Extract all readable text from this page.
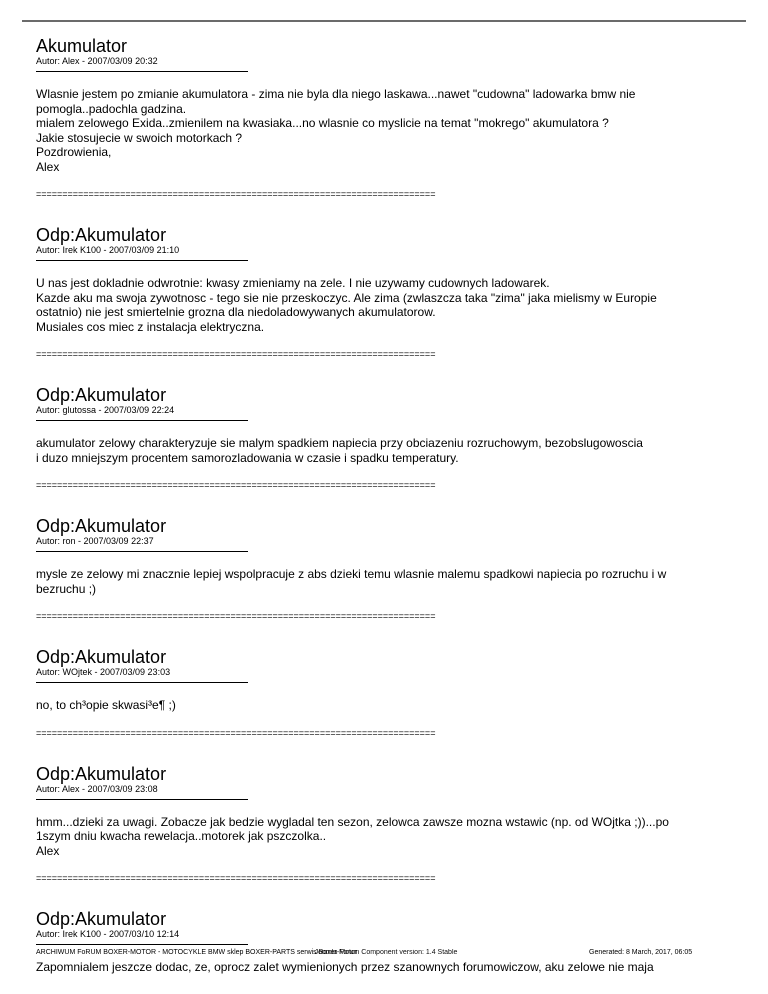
Akumulator
Autor: Alex - 2007/03/09 20:32
Wlasnie jestem po zmianie akumulatora - zima nie byla dla niego laskawa...nawet "cudowna" ladowarka bmw nie
pomogla..padochla gadzina.
mialem zelowego Exida..zmienilem na kwasiaka...no wlasnie co myslicie na temat "mokrego" akumulatora ?
Jakie stosujecie w swoich motorkach ?
Pozdrowienia,
Alex
============================================================================
Odp:Akumulator
Autor: Irek K100 - 2007/03/09 21:10
U nas jest dokladnie odwrotnie: kwasy zmieniamy na zele. I nie uzywamy cudownych ladowarek.
Kazde aku ma swoja zywotnosc - tego sie nie przeskoczyc. Ale zima (zwlaszcza taka "zima" jaka mielismy w Europie
ostatnio) nie jest smiertelnie grozna dla niedoladowywanych akumulatorow.
Musiales cos miec z instalacja elektryczna.
============================================================================
Odp:Akumulator
Autor: glutossa - 2007/03/09 22:24
akumulator zelowy charakteryzuje sie malym spadkiem napiecia przy obciazeniu rozruchowym, bezobslugowoscia
i duzo mniejszym procentem samorozladowania w czasie i spadku temperatury.
============================================================================
Odp:Akumulator
Autor: ron - 2007/03/09 22:37
mysle ze zelowy mi znacznie lepiej wspolpracuje z abs dzieki temu wlasnie malemu spadkowi napiecia po rozruchu i w
bezruchu ;)
============================================================================
Odp:Akumulator
Autor: WOjtek - 2007/03/09 23:03
no, to ch³opie skwasi³e¶ ;)
============================================================================
Odp:Akumulator
Autor: Alex - 2007/03/09 23:08
hmm...dzieki za uwagi. Zobacze jak bedzie wygladal ten sezon, zelowca zawsze mozna wstawic (np. od WOjtka ;))...po
1szym dniu kwacha rewelacja..motorek jak pszczolka..
Alex
============================================================================
Odp:Akumulator
Autor: Irek K100 - 2007/03/10 12:14
Zapomnialem jeszcze dodac, ze, oprocz zalet wymienionych przez szanownych forumowiczow, aku zelowe nie maja
ARCHIWUM FoRUM BOXER-MOTOR - MOTOCYKLE BMW sklep BOXER-PARTS serwis Boxer-Motor
Joomla Forum Component version: 1.4 Stable	Generated: 8 March, 2017, 06:05
